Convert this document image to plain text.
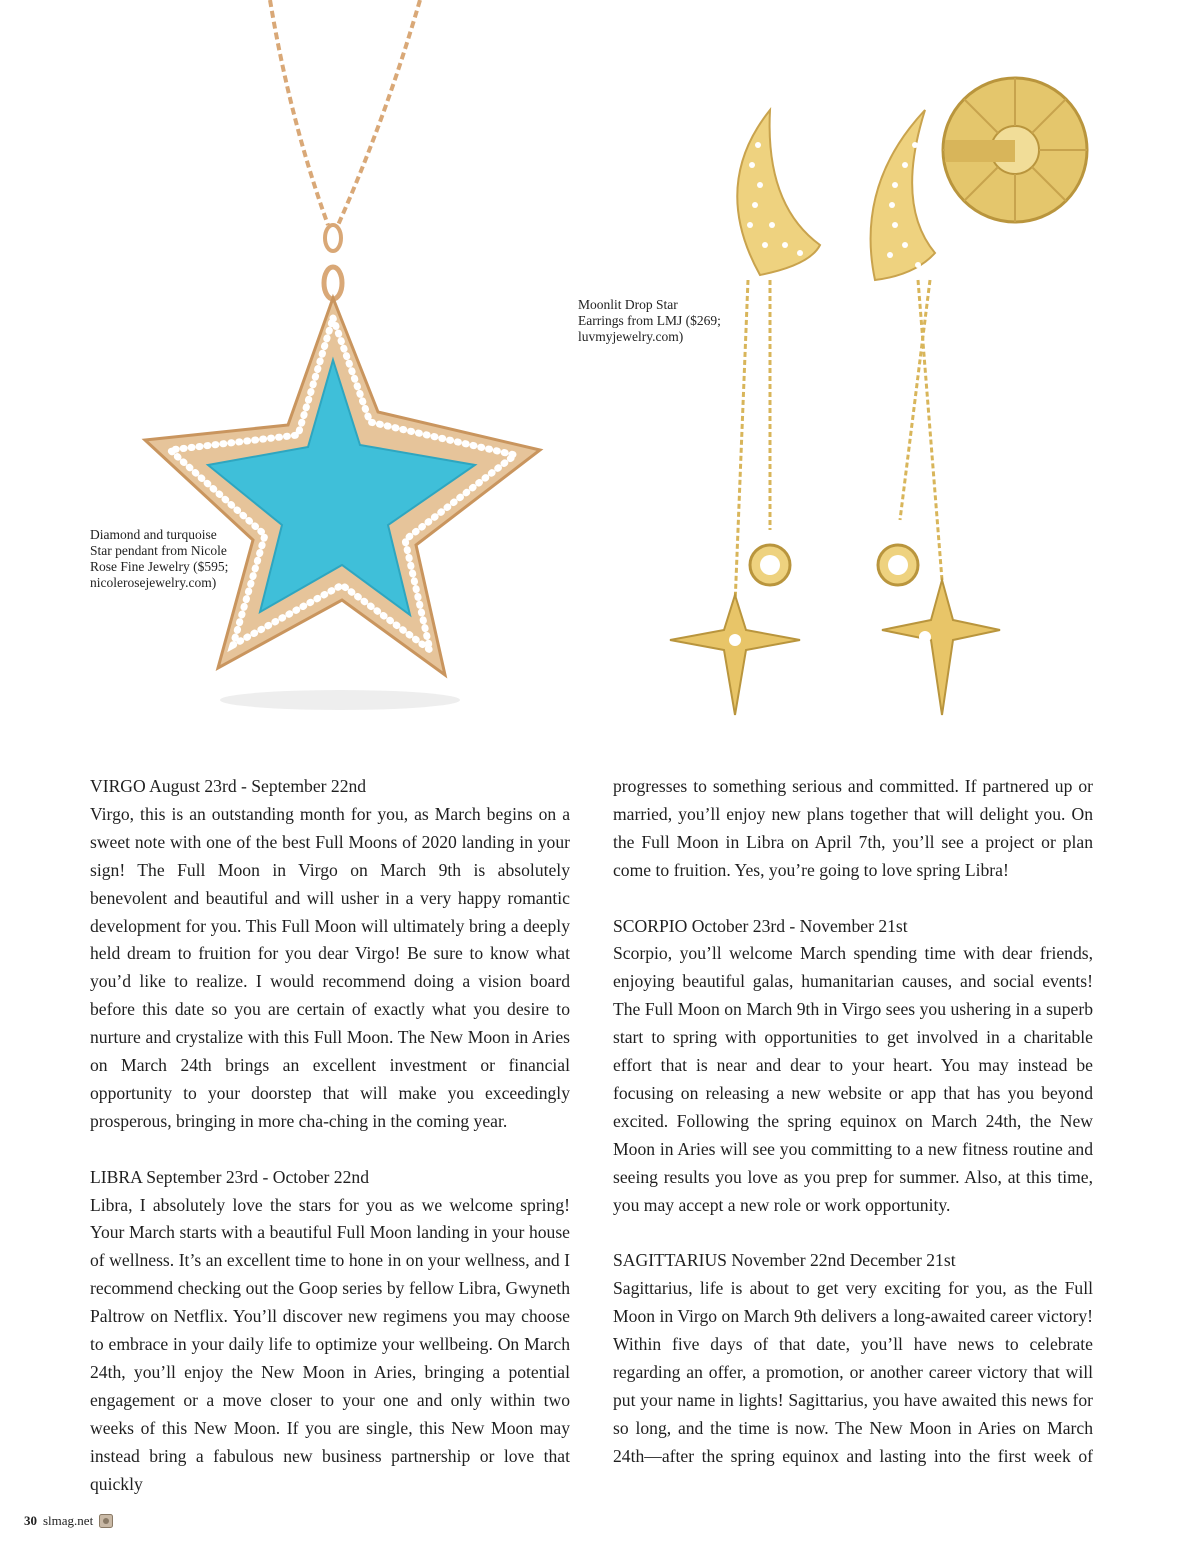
Moonlit Drop Star
Earrings from LMJ ($269;
luvmyjewelry.com)
Diamond and turquoise
Star pendant from Nicole
Rose Fine Jewelry ($595;
nicolerosejewelry.com)

VIRGO August 23rd - September 22nd

Virgo, this is an outstanding month for you, as March begins on a sweet note with one of the best Full Moons of 2020 landing in your sign! The Full Moon in Virgo on March 9th is absolutely benevolent and beautiful and will usher in a very happy romantic development for you. This Full Moon will ultimately bring a deeply held dream to fruition for you dear Virgo! Be sure to know what you’d like to realize. I would recommend doing a vision board before this date so you are certain of exactly what you desire to nurture and crystalize with this Full Moon. The New Moon in Aries on March 24th brings an excellent investment or financial opportunity to your doorstep that will make you exceedingly prosperous, bringing in more cha-ching in the coming year.

LIBRA September 23rd - October 22nd

Libra, I absolutely love the stars for you as we welcome spring! Your March starts with a beautiful Full Moon landing in your house of wellness. It’s an excellent time to hone in on your wellness, and I recommend checking out the Goop series by fellow Libra, Gwyneth Paltrow on Netflix. You’ll discover new regimens you may choose to embrace in your daily life to optimize your wellbeing. On March 24th, you’ll enjoy the New Moon in Aries, bringing a potential engagement or a move closer to your one and only within two weeks of this New Moon. If you are single, this New Moon may instead bring a fabulous new business partnership or love that quickly

progresses to something serious and committed. If partnered up or married, you’ll enjoy new plans together that will delight you. On the Full Moon in Libra on April 7th, you’ll see a project or plan come to fruition. Yes, you’re going to love spring Libra!

SCORPIO October 23rd - November 21st

Scorpio, you’ll welcome March spending time with dear friends, enjoying beautiful galas, humanitarian causes, and social events! The Full Moon on March 9th in Virgo sees you ushering in a superb start to spring with opportunities to get involved in a charitable effort that is near and dear to your heart. You may instead be focusing on releasing a new website or app that has you beyond excited. Following the spring equinox on March 24th, the New Moon in Aries will see you committing to a new fitness routine and seeing results you love as you prep for summer. Also, at this time, you may accept a new role or work opportunity.

SAGITTARIUS November 22nd December 21st

Sagittarius, life is about to get very exciting for you, as the Full Moon in Virgo on March 9th delivers a long-awaited career victory! Within five days of that date, you’ll have news to celebrate regarding an offer, a promotion, or another career victory that will put your name in lights! Sagittarius, you have awaited this news for so long, and the time is now. The New Moon in Aries on March 24th—after the spring equinox and lasting into the first week of

30 slmag.net
